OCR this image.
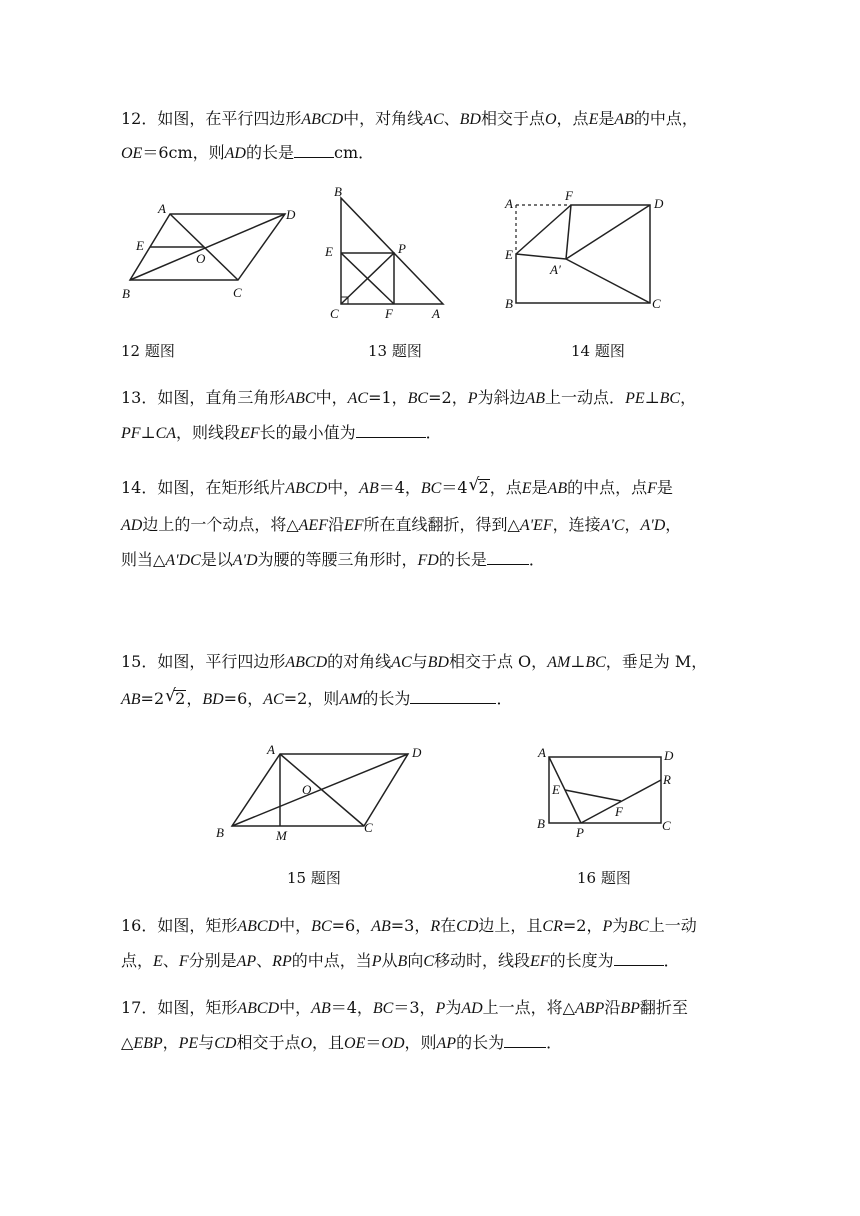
12．如图，在平行四边形ABCD中，对角线AC、BD相交于点O，点E是AB的中点，
OE＝6cm，则AD的长是	cm．
A
B	C
D
E
O
B
E	P
C	F	A
A
F
D
E
A′
B	C
12 题图	13 题图	14 题图
13．如图，直角三角形ABC中，AC=1，BC=2，P为斜边AB上一动点．PE⊥BC，
PF⊥CA，则线段EF长的最小值为	．
14．如图，在矩形纸片ABCD中，AB＝4，BC＝4 √ 2，点E是AB的中点，点F是
AD边上的一个动点，将△AEF沿EF所在直线翻折，得到△A'EF，连接A'C，A'D，
则当△A'DC是以A'D为腰的等腰三角形时，FD的长是	．
15．如图，平行四边形ABCD的对角线AC与BD相交于点 O，AM⊥BC，垂足为 M，
AB=2 √ 2，BD=6，AC=2，则AM的长为	．
A	D
O
B	M
C
A	D
E
R
F
B
P	C
15 题图	16 题图
16．如图，矩形ABCD中，BC=6，AB=3，R在CD边上，且CR=2，P为BC上一动
点，E、F分别是AP、RP的中点，当P从B向C移动时，线段EF的长度为	．
17．如图，矩形ABCD中，AB＝4，BC＝3，P为AD上一点，将△ABP沿BP翻折至
△EBP，PE与CD相交于点O，且OE＝OD，则AP的长为	．
